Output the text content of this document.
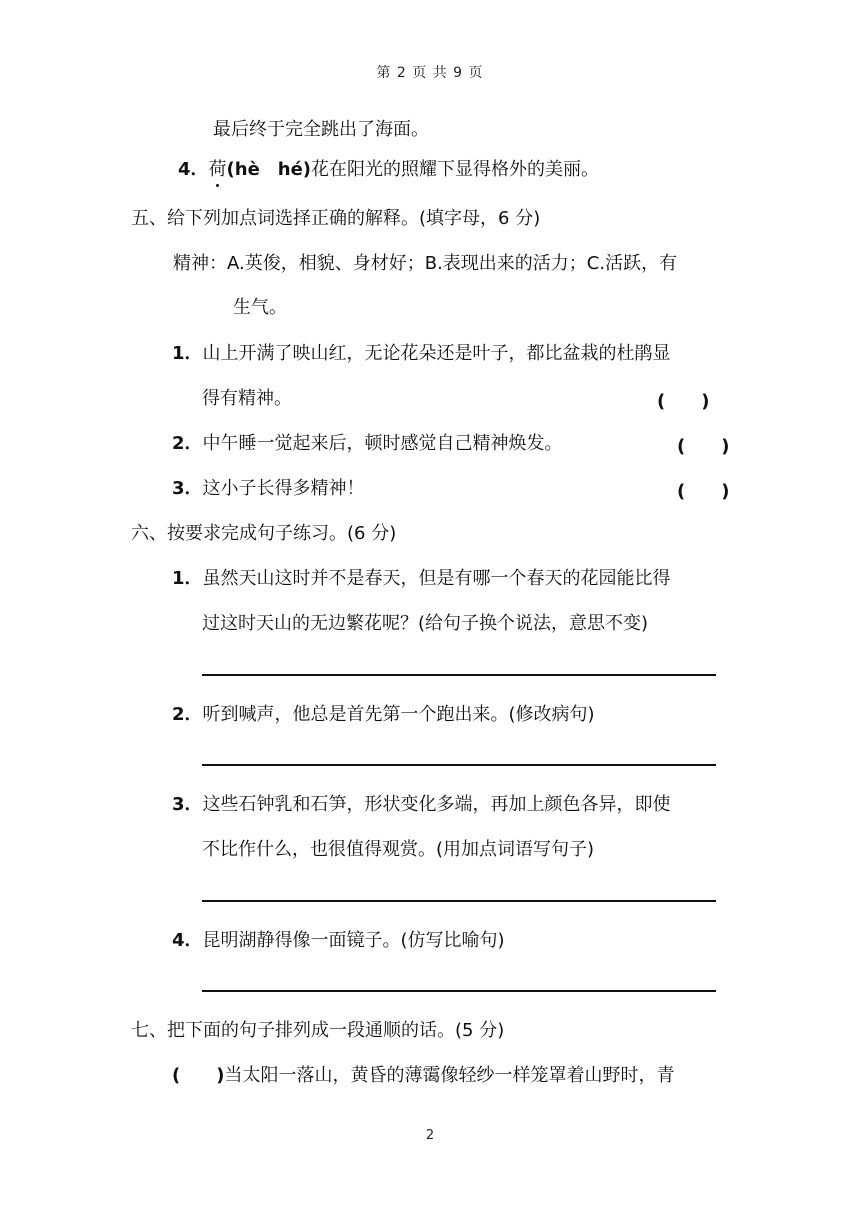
第 2 页 共 9 页
最后终于完全跳出了海面。
4．荷(hè　hé)花在阳光的照耀下显得格外的美丽。
五、给下列加点词选择正确的解释。(填字母，6 分)
精神：A.英俊，相貌、身材好；B.表现出来的活力；C.活跃，有
生气。
1．山上开满了映山红，无论花朵还是叶子，都比盆栽的杜鹃显
得有精神。	(　　)
2．中午睡一觉起来后，顿时感觉自己精神焕发。	(　　)
3．这小子长得多精神！	(　　)
六、按要求完成句子练习。(6 分)
1．虽然天山这时并不是春天，但是有哪一个春天的花园能比得
过这时天山的无边繁花呢？(给句子换个说法，意思不变)
2．听到喊声，他总是首先第一个跑出来。(修改病句)
3．这些石钟乳和石笋，形状变化多端，再加上颜色各异，即使
不比作什么，也很值得观赏。(用加点词语写句子)
4．昆明湖静得像一面镜子。(仿写比喻句)
七、把下面的句子排列成一段通顺的话。(5 分)
(　　)当太阳一落山，黄昏的薄霭像轻纱一样笼罩着山野时，青
2
